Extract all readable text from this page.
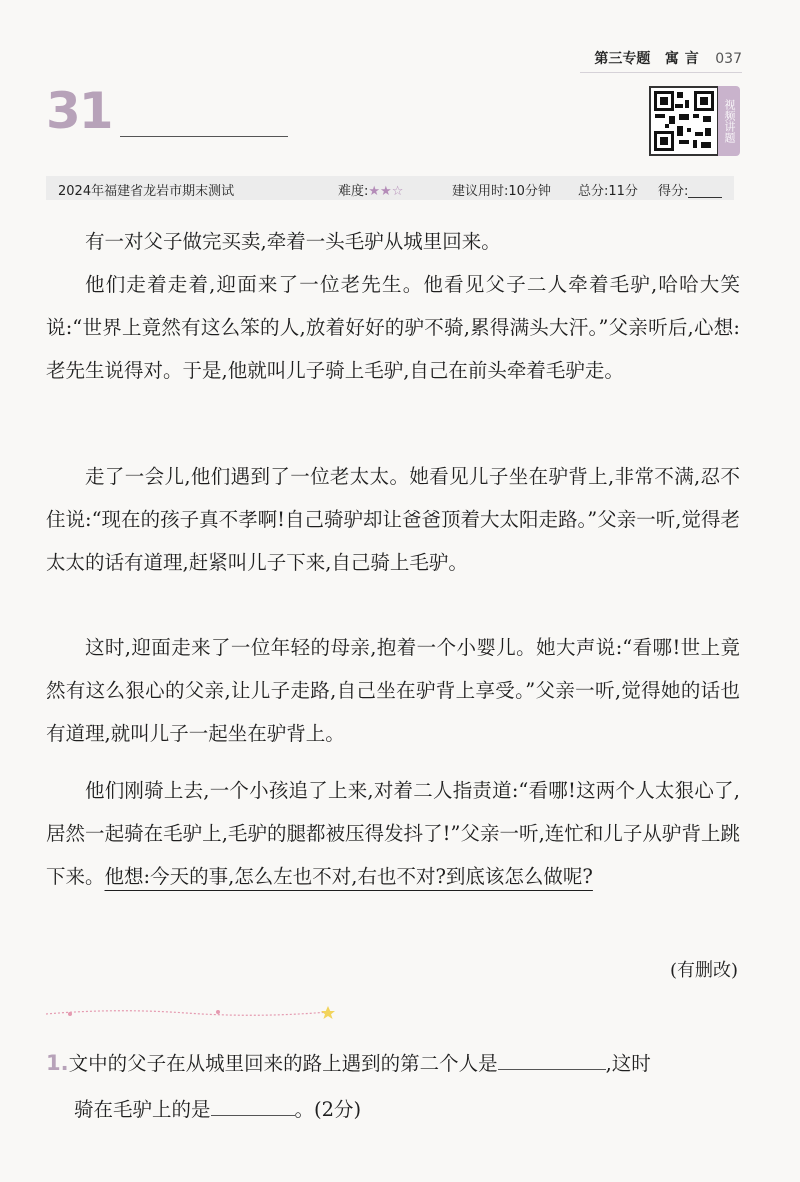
第三专题 寓言 037
31	视频讲题
2024年福建省龙岩市期末测试	难度:★★☆	建议用时:10分钟 总分:11分 得分:

有一对父子做完买卖,牵着一头毛驴从城里回来。

他们走着走着,迎面来了一位老先生。他看见父子二人牵着毛驴,哈哈大笑说:“世界上竟然有这么笨的人,放着好好的驴不骑,累得满头大汗。”父亲听后,心想:老先生说得对。于是,他就叫儿子骑上毛驴,自己在前头牵着毛驴走。

走了一会儿,他们遇到了一位老太太。她看见儿子坐在驴背上,非常不满,忍不住说:“现在的孩子真不孝啊!自己骑驴却让爸爸顶着大太阳走路。”父亲一听,觉得老太太的话有道理,赶紧叫儿子下来,自己骑上毛驴。

这时,迎面走来了一位年轻的母亲,抱着一个小婴儿。她大声说:“看哪!世上竟然有这么狠心的父亲,让儿子走路,自己坐在驴背上享受。”父亲一听,觉得她的话也有道理,就叫儿子一起坐在驴背上。

他们刚骑上去,一个小孩追了上来,对着二人指责道:“看哪!这两个人太狠心了,居然一起骑在毛驴上,毛驴的腿都被压得发抖了!”父亲一听,连忙和儿子从驴背上跳下来。他想:今天的事,怎么左也不对,右也不对?到底该怎么做呢?

(有删改)
1.文中的父子在从城里回来的路上遇到的第二个人是	,这时
骑在毛驴上的是	。(2分)
